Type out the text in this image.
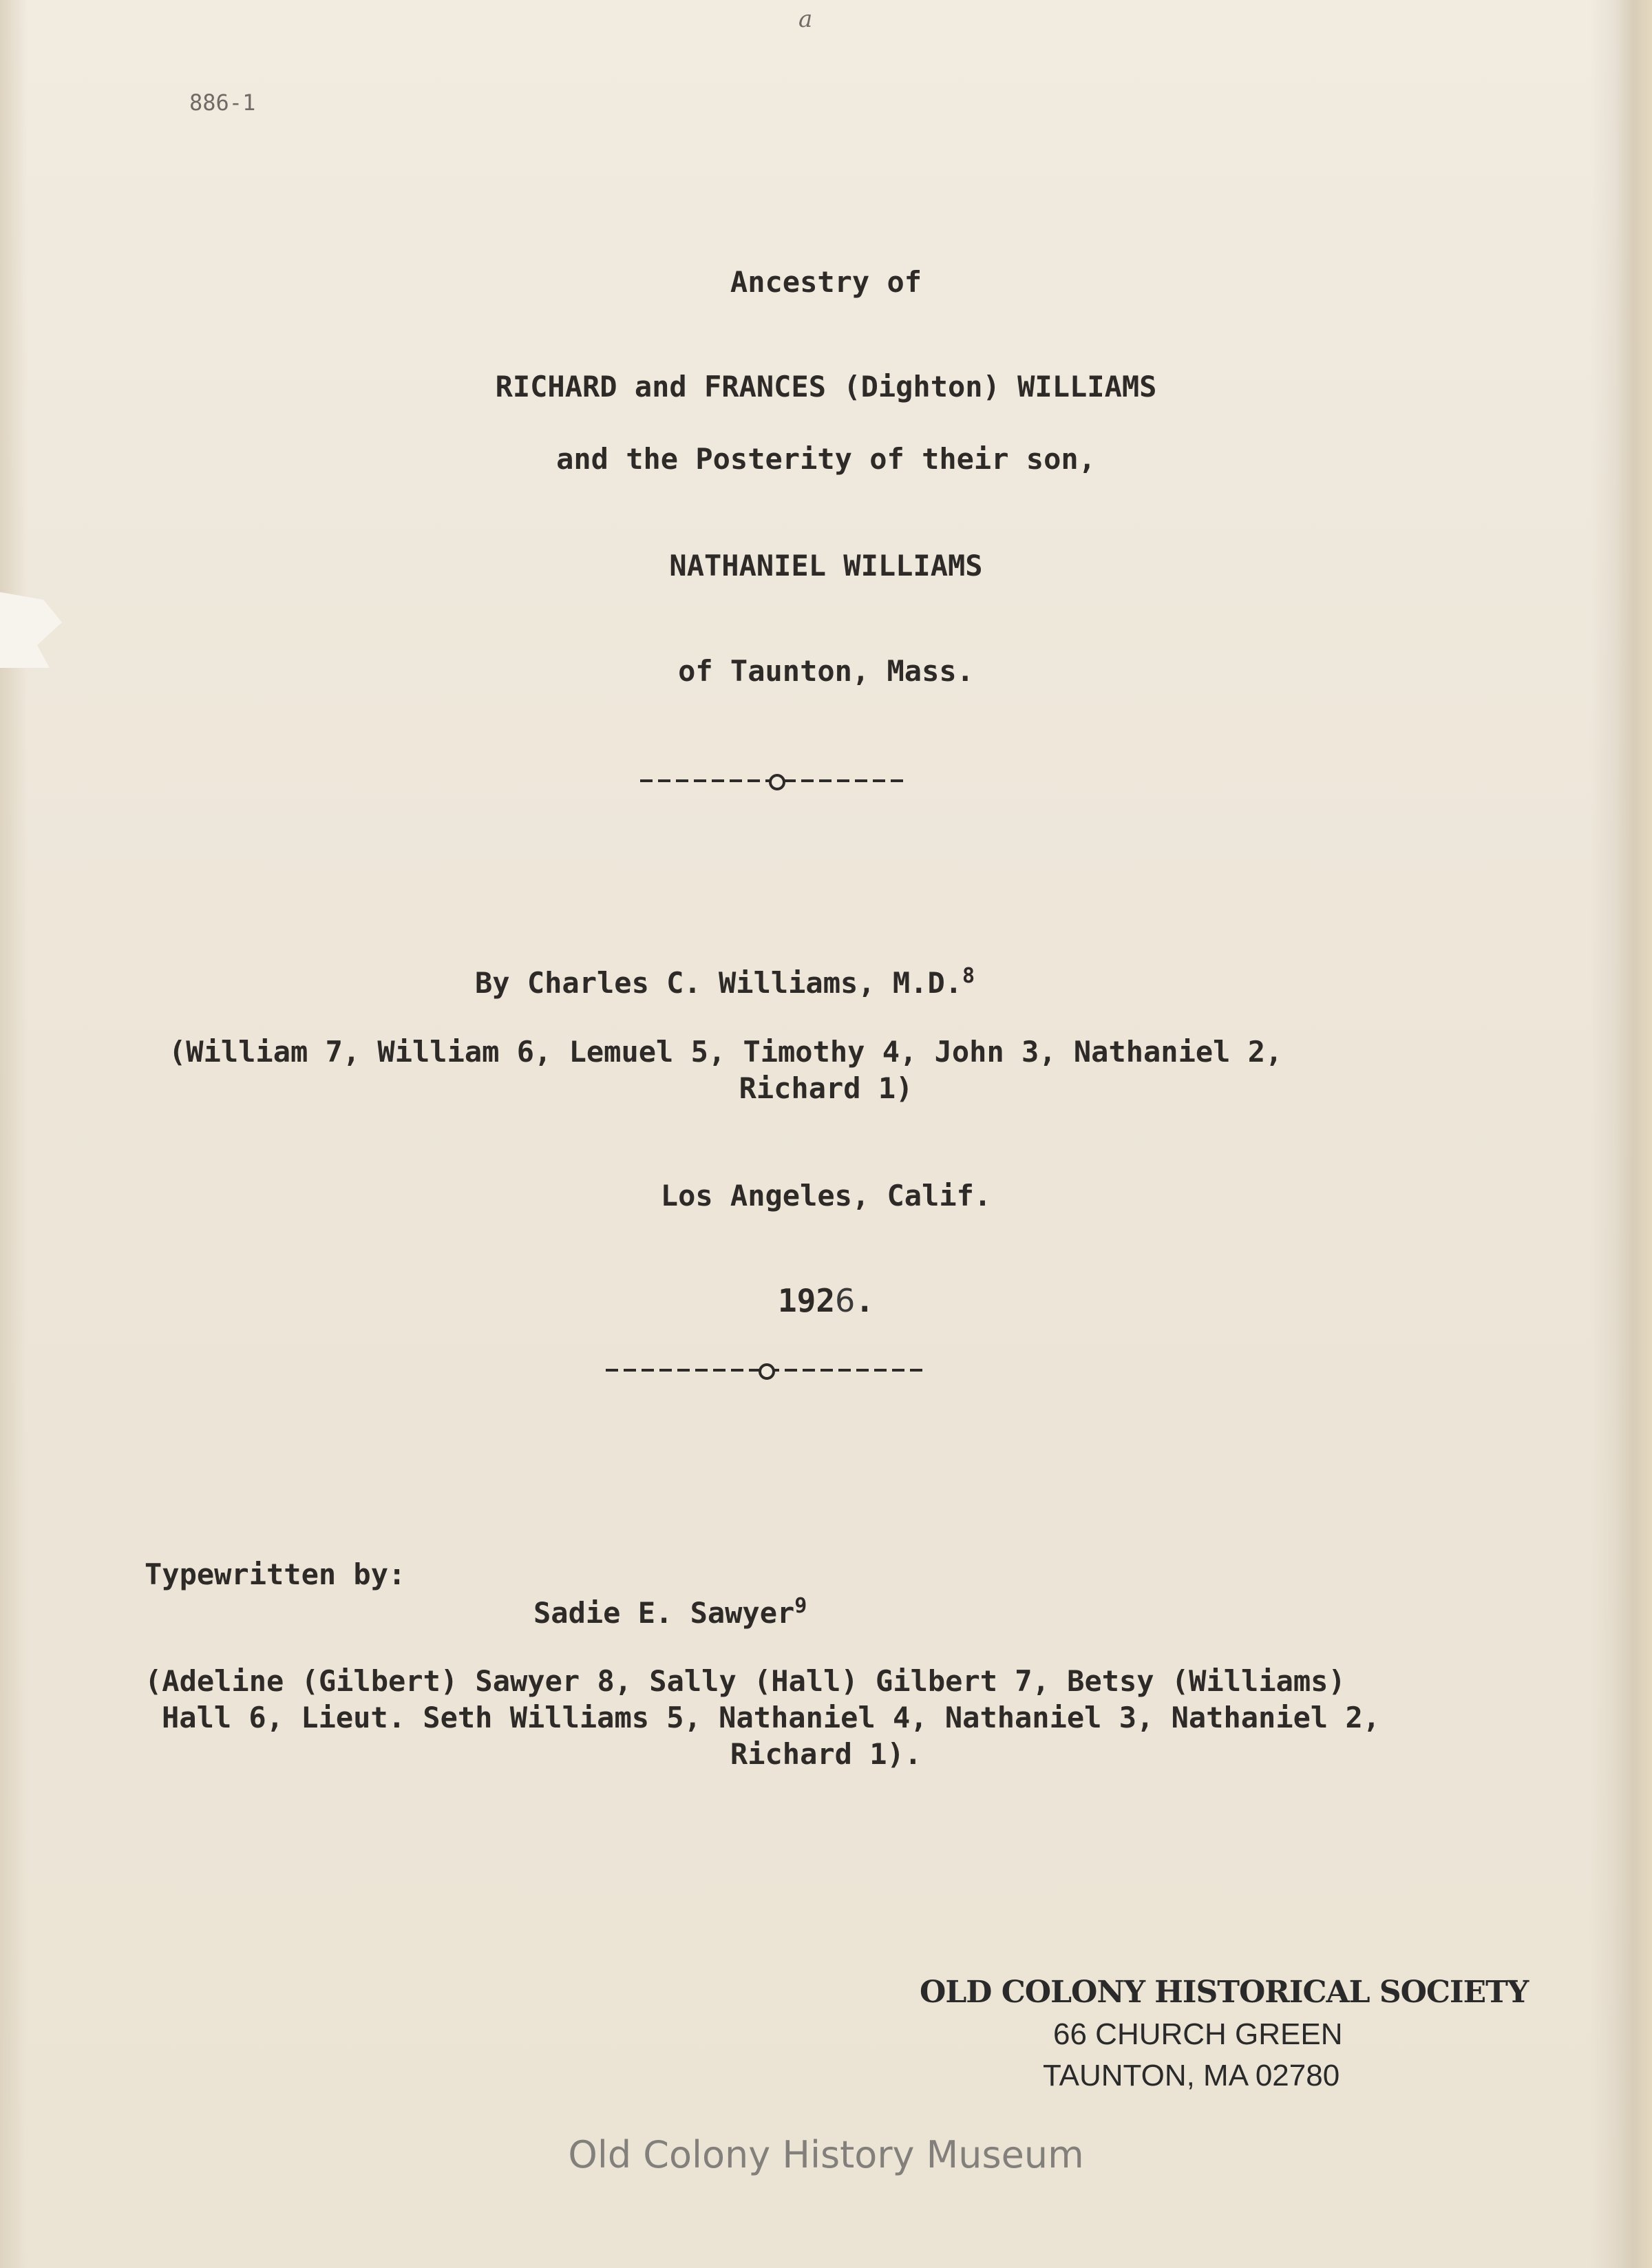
a
886-1
Ancestry of
RICHARD and FRANCES (Dighton) WILLIAMS
and the Posterity of their son,
NATHANIEL WILLIAMS
of Taunton, Mass.
By Charles C. Williams, M.D.$^8$
(William 7, William 6, Lemuel 5, Timothy 4, John 3, Nathaniel 2,
Richard 1)
Los Angeles, Calif.
1926.
Typewritten by:
Sadie E. Sawyer$^9$
(Adeline (Gilbert) Sawyer 8, Sally (Hall) Gilbert 7, Betsy (Williams)
Hall 6, Lieut. Seth Williams 5, Nathaniel 4, Nathaniel 3, Nathaniel 2,
Richard 1).
OLD COLONY HISTORICAL SOCIETY
66 CHURCH GREEN
TAUNTON, MA 02780
Old Colony History Museum
